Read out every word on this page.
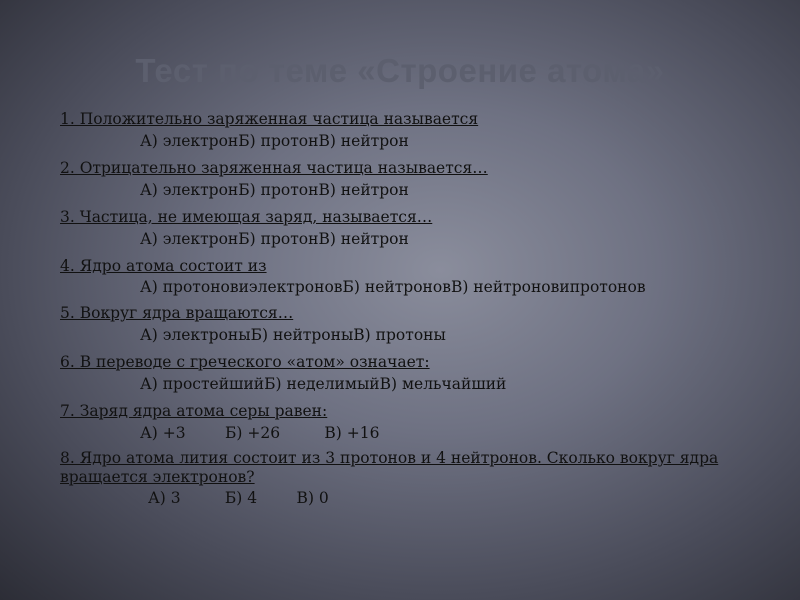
Тест по теме «Строение атома»

1. Положительно заряженная частица называется

А) электронБ) протонВ) нейтрон

2. Отрицательно заряженная частица называется…

А) электронБ) протонВ) нейтрон

3. Частица, не имеющая заряд, называется…

А) электронБ) протонВ) нейтрон

4. Ядро атома состоит из

А) протоновиэлектроновБ) нейтроновВ) нейтроновипротонов

5. Вокруг ядра вращаются…

А) электроныБ) нейтроныВ) протоны

6. В переводе с греческого «атом» означает:

А) простейшийБ) неделимыйВ) мельчайший

7. Заряд ядра атома серы равен:

А) +3        Б) +26         В) +16

8. Ядро атома лития состоит из 3 протонов и 4 нейтронов. Сколько вокруг ядра вращается электронов?

А) 3         Б) 4        В) 0
